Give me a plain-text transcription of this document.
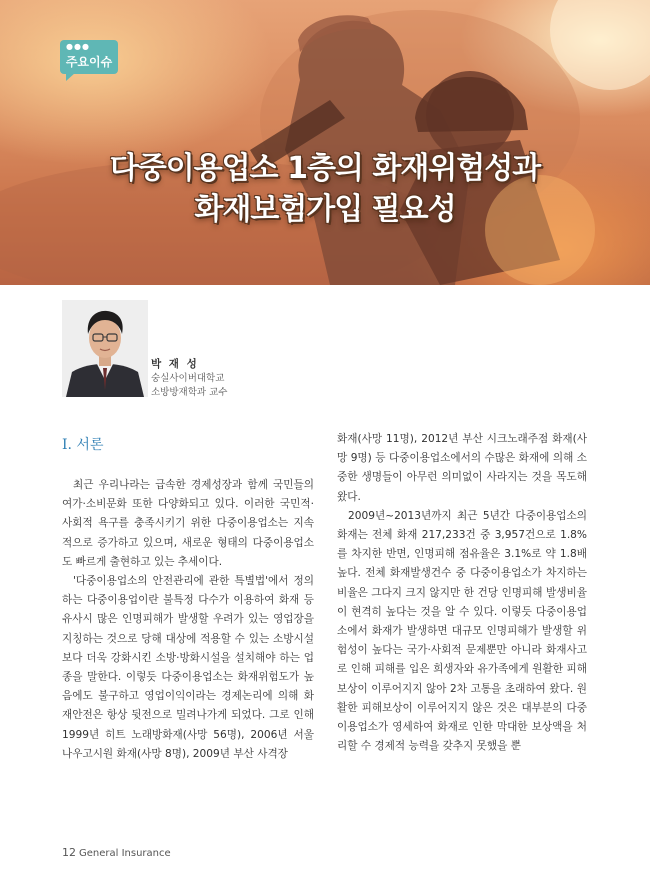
●●●
주요이슈
다중이용업소 1층의 화재위험성과
화재보험가입 필요성
박 재 성
숭실사이버대학교
소방방재학과 교수
Ⅰ. 서론

최근 우리나라는 급속한 경제성장과 함께 국민들의 여가·소비문화 또한 다양화되고 있다. 이러한 국민적·사회적 욕구를 충족시키기 위한 다중이용업소는 지속적으로 증가하고 있으며, 새로운 형태의 다중이용업소도 빠르게 출현하고 있는 추세이다.

'다중이용업소의 안전관리에 관한 특별법'에서 정의하는 다중이용업이란 불특정 다수가 이용하여 화재 등 유사시 많은 인명피해가 발생할 우려가 있는 영업장을 지칭하는 것으로 당해 대상에 적용할 수 있는 소방시설 보다 더욱 강화시킨 소방·방화시설을 설치해야 하는 업종을 말한다. 이렇듯 다중이용업소는 화재위험도가 높음에도 불구하고 영업이익이라는 경제논리에 의해 화재안전은 항상 뒷전으로 밀려나가게 되었다. 그로 인해 1999년 히트 노래방화재(사망 56명), 2006년 서울 나우고시원 화재(사망 8명), 2009년 부산 사격장

화재(사망 11명), 2012년 부산 시크노래주점 화재(사망 9명) 등 다중이용업소에서의 수많은 화재에 의해 소중한 생명들이 아무런 의미없이 사라지는 것을 목도해 왔다.

2009년~2013년까지 최근 5년간 다중이용업소의 화재는 전체 화재 217,233건 중 3,957건으로 1.8%를 차지한 반면, 인명피해 점유율은 3.1%로 약 1.8배 높다. 전체 화재발생건수 중 다중이용업소가 차지하는 비율은 그다지 크지 않지만 한 건당 인명피해 발생비율이 현격히 높다는 것을 알 수 있다. 이렇듯 다중이용업소에서 화재가 발생하면 대규모 인명피해가 발생할 위험성이 높다는 국가·사회적 문제뿐만 아니라 화재사고로 인해 피해를 입은 희생자와 유가족에게 원활한 피해보상이 이루어지지 않아 2차 고통을 초래하여 왔다. 원활한 피해보상이 이루어지지 않은 것은 대부분의 다중이용업소가 영세하여 화재로 인한 막대한 보상액을 처리할 수 경제적 능력을 갖추지 못했을 뿐

12 General Insurance
